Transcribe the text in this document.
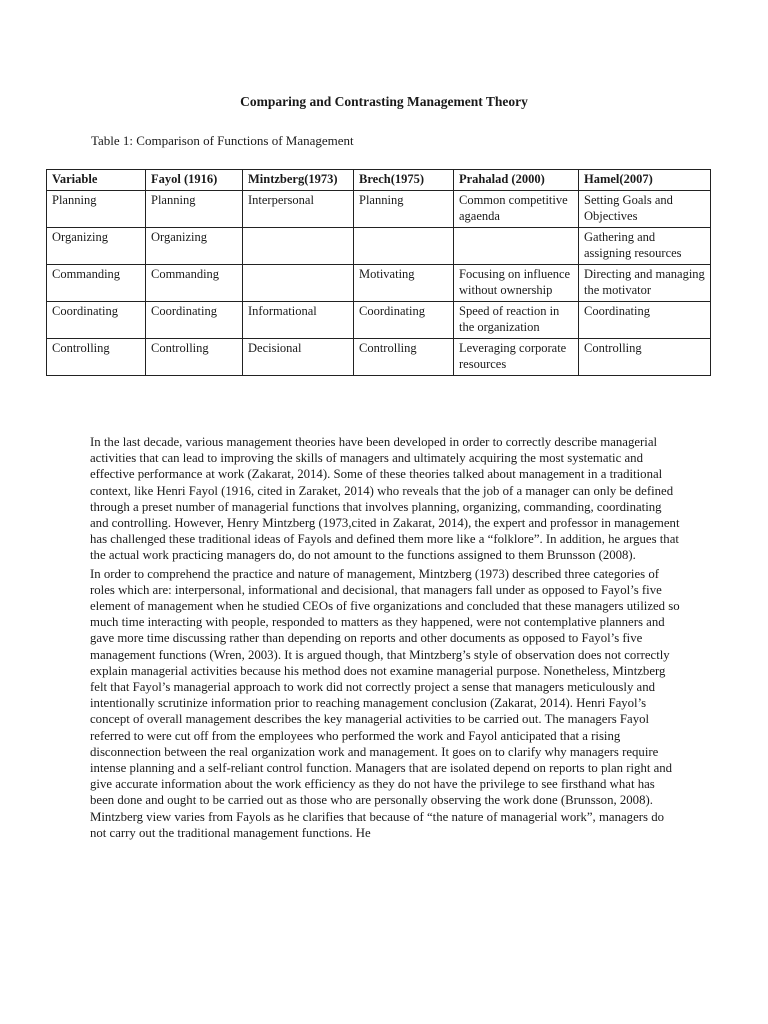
Comparing and Contrasting Management Theory

Table 1: Comparison of Functions of Management

Variable	Fayol (1916)	Mintzberg(1973)	Brech(1975)	Prahalad (2000)	Hamel(2007)
Planning	Planning	Interpersonal	Planning	Common competitive agaenda	Setting Goals and Objectives
Organizing	Organizing				Gathering and assigning resources
Commanding	Commanding		Motivating	Focusing on influence without ownership	Directing and managing the motivator
Coordinating	Coordinating	Informational	Coordinating	Speed of reaction in the organization	Coordinating
Controlling	Controlling	Decisional	Controlling	Leveraging corporate resources	Controlling

In the last decade, various management theories have been developed in order to correctly describe managerial activities that can lead to improving the skills of managers and ultimately acquiring the most systematic and effective performance at work (Zakarat, 2014). Some of these theories talked about management in a traditional context, like Henri Fayol (1916, cited in Zaraket, 2014) who reveals that the job of a manager can only be defined through a preset number of managerial functions that involves planning, organizing, commanding, coordinating and controlling. However, Henry Mintzberg (1973,cited in Zakarat, 2014), the expert and professor in management has challenged these traditional ideas of Fayols and defined them more like a “folklore”. In addition, he argues that the actual work practicing managers do, do not amount to the functions assigned to them Brunsson (2008).

In order to comprehend the practice and nature of management, Mintzberg (1973) described three categories of roles which are: interpersonal, informational and decisional, that managers fall under as opposed to Fayol’s five element of management when he studied CEOs of five organizations and concluded that these managers utilized so much time interacting with people, responded to matters as they happened, were not contemplative planners and gave more time discussing rather than depending on reports and other documents as opposed to Fayol’s five management functions (Wren, 2003). It is argued though, that Mintzberg’s style of observation does not correctly explain managerial activities because his method does not examine managerial purpose. Nonetheless, Mintzberg felt that Fayol’s managerial approach to work did not correctly project a sense that managers meticulously and intentionally scrutinize information prior to reaching management conclusion (Zakarat, 2014). Henri Fayol’s concept of overall management describes the key managerial activities to be carried out. The managers Fayol referred to were cut off from the employees who performed the work and Fayol anticipated that a rising disconnection between the real organization work and management. It goes on to clarify why managers require intense planning and a self-reliant control function. Managers that are isolated depend on reports to plan right and give accurate information about the work efficiency as they do not have the privilege to see firsthand what has been done and ought to be carried out as those who are personally observing the work done (Brunsson, 2008). Mintzberg view varies from Fayols as he clarifies that because of “the nature of managerial work”, managers do not carry out the traditional management functions. He
